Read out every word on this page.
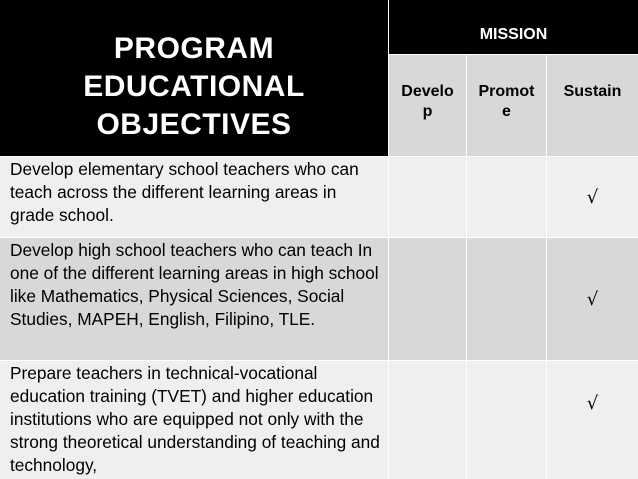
PROGRAM
EDUCATIONAL
OBJECTIVES
MISSION
Develo
p
Promot
e
Sustain
Develop elementary school teachers who can teach across the different learning areas in grade school.
√
Develop high school teachers who can teach In one of the different learning areas in high school like Mathematics, Physical Sciences, Social Studies, MAPEH, English, Filipino, TLE.
√
Prepare teachers in technical-vocational education training (TVET) and higher education institutions who are equipped not only with the strong theoretical understanding of teaching and technology,
√
